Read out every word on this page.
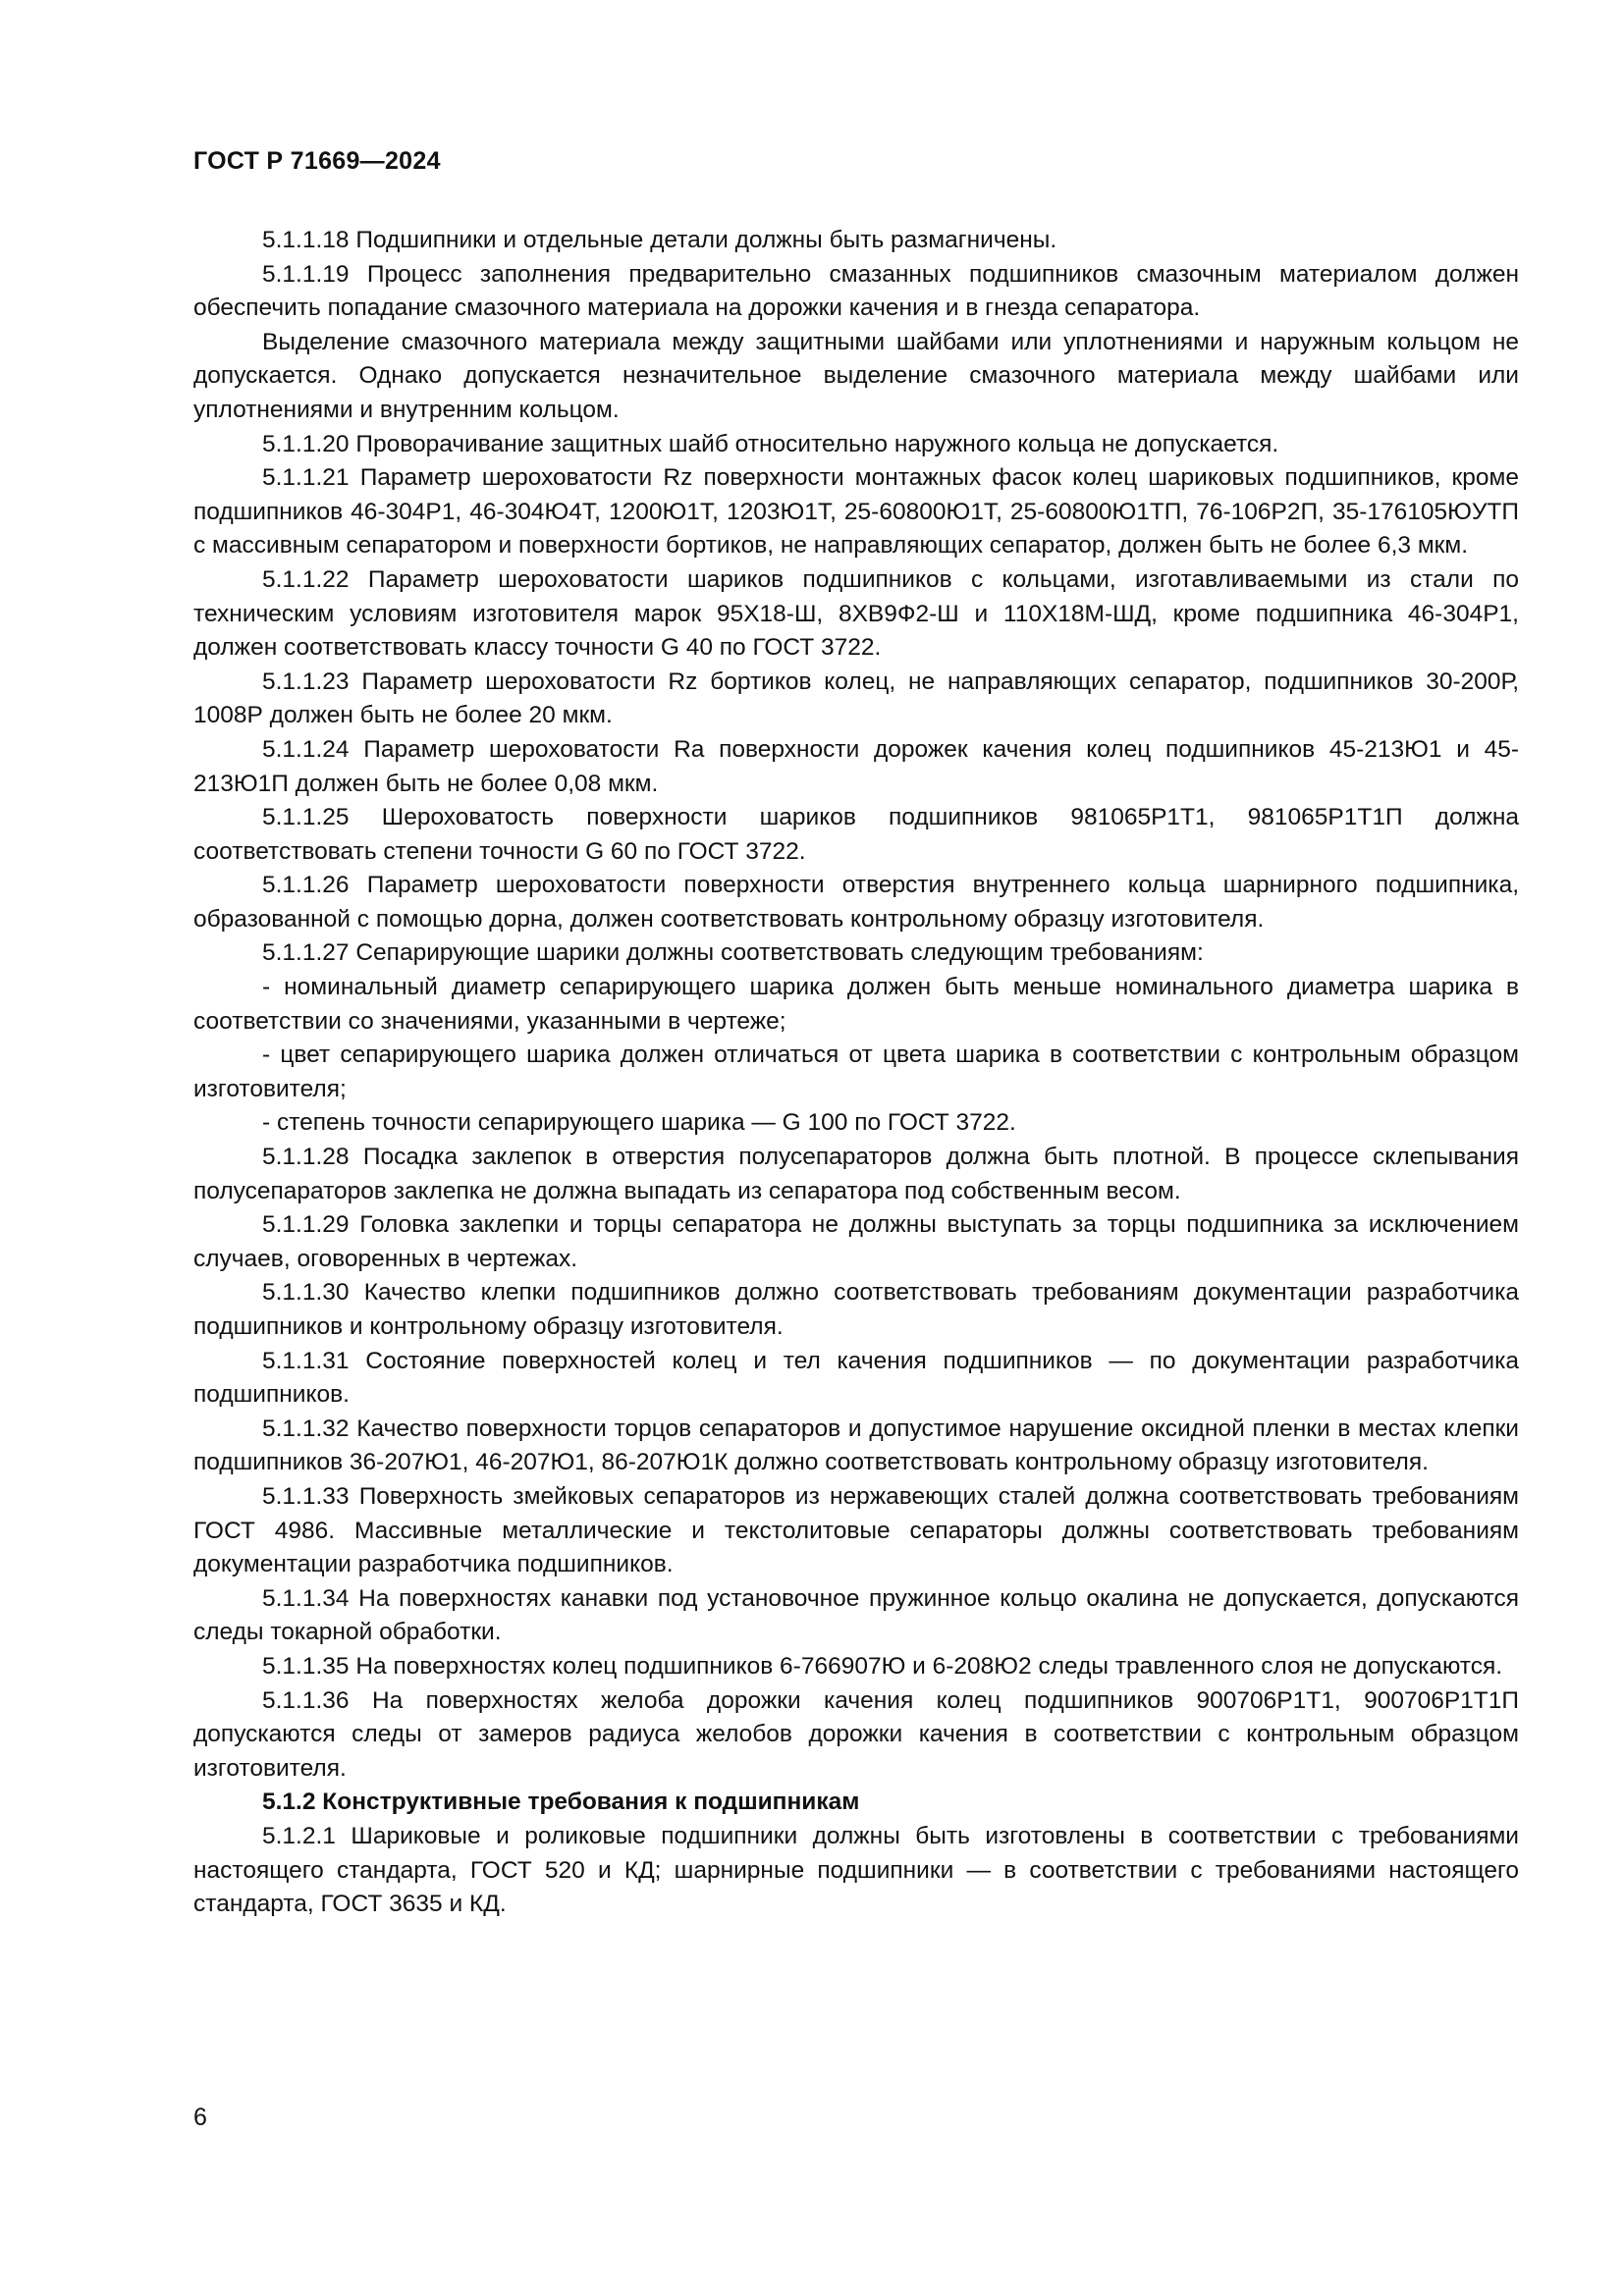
ГОСТ Р 71669—2024

5.1.1.18 Подшипники и отдельные детали должны быть размагничены.

5.1.1.19 Процесс заполнения предварительно смазанных подшипников смазочным материалом должен обеспечить попадание смазочного материала на дорожки качения и в гнезда сепаратора.

Выделение смазочного материала между защитными шайбами или уплотнениями и наружным кольцом не допускается. Однако допускается незначительное выделение смазочного материала между шайбами или уплотнениями и внутренним кольцом.

5.1.1.20 Проворачивание защитных шайб относительно наружного кольца не допускается.

5.1.1.21 Параметр шероховатости Rz поверхности монтажных фасок колец шариковых подшипников, кроме подшипников 46-304Р1, 46-304Ю4Т, 1200Ю1Т, 1203Ю1Т, 25-60800Ю1Т, 25-60800Ю1ТП, 76-106Р2П, 35-176105ЮУТП с массивным сепаратором и поверхности бортиков, не направляющих сепаратор, должен быть не более 6,3 мкм.

5.1.1.22 Параметр шероховатости шариков подшипников с кольцами, изготавливаемыми из стали по техническим условиям изготовителя марок 95Х18-Ш, 8ХВ9Ф2-Ш и 110Х18М-ШД, кроме подшипника 46-304Р1, должен соответствовать классу точности G 40 по ГОСТ 3722.

5.1.1.23 Параметр шероховатости Rz бортиков колец, не направляющих сепаратор, подшипников 30-200Р, 1008Р должен быть не более 20 мкм.

5.1.1.24 Параметр шероховатости Ra поверхности дорожек качения колец подшипников 45-213Ю1 и 45-213Ю1П должен быть не более 0,08 мкм.

5.1.1.25 Шероховатость поверхности шариков подшипников 981065Р1Т1, 981065Р1Т1П должна соответствовать степени точности G 60 по ГОСТ 3722.

5.1.1.26 Параметр шероховатости поверхности отверстия внутреннего кольца шарнирного подшипника, образованной с помощью дорна, должен соответствовать контрольному образцу изготовителя.

5.1.1.27 Сепарирующие шарики должны соответствовать следующим требованиям:

- номинальный диаметр сепарирующего шарика должен быть меньше номинального диаметра шарика в соответствии со значениями, указанными в чертеже;

- цвет сепарирующего шарика должен отличаться от цвета шарика в соответствии с контрольным образцом изготовителя;

- степень точности сепарирующего шарика — G 100 по ГОСТ 3722.

5.1.1.28 Посадка заклепок в отверстия полусепараторов должна быть плотной. В процессе склепывания полусепараторов заклепка не должна выпадать из сепаратора под собственным весом.

5.1.1.29 Головка заклепки и торцы сепаратора не должны выступать за торцы подшипника за исключением случаев, оговоренных в чертежах.

5.1.1.30 Качество клепки подшипников должно соответствовать требованиям документации разработчика подшипников и контрольному образцу изготовителя.

5.1.1.31 Состояние поверхностей колец и тел качения подшипников — по документации разработчика подшипников.

5.1.1.32 Качество поверхности торцов сепараторов и допустимое нарушение оксидной пленки в местах клепки подшипников 36-207Ю1, 46-207Ю1, 86-207Ю1К должно соответствовать контрольному образцу изготовителя.

5.1.1.33 Поверхность змейковых сепараторов из нержавеющих сталей должна соответствовать требованиям ГОСТ 4986. Массивные металлические и текстолитовые сепараторы должны соответствовать требованиям документации разработчика подшипников.

5.1.1.34 На поверхностях канавки под установочное пружинное кольцо окалина не допускается, допускаются следы токарной обработки.

5.1.1.35 На поверхностях колец подшипников 6-766907Ю и 6-208Ю2 следы травленного слоя не допускаются.

5.1.1.36 На поверхностях желоба дорожки качения колец подшипников 900706Р1Т1, 900706Р1Т1П допускаются следы от замеров радиуса желобов дорожки качения в соответствии с контрольным образцом изготовителя.

5.1.2 Конструктивные требования к подшипникам

5.1.2.1 Шариковые и роликовые подшипники должны быть изготовлены в соответствии с требованиями настоящего стандарта, ГОСТ 520 и КД; шарнирные подшипники — в соответствии с требованиями настоящего стандарта, ГОСТ 3635 и КД.

6
